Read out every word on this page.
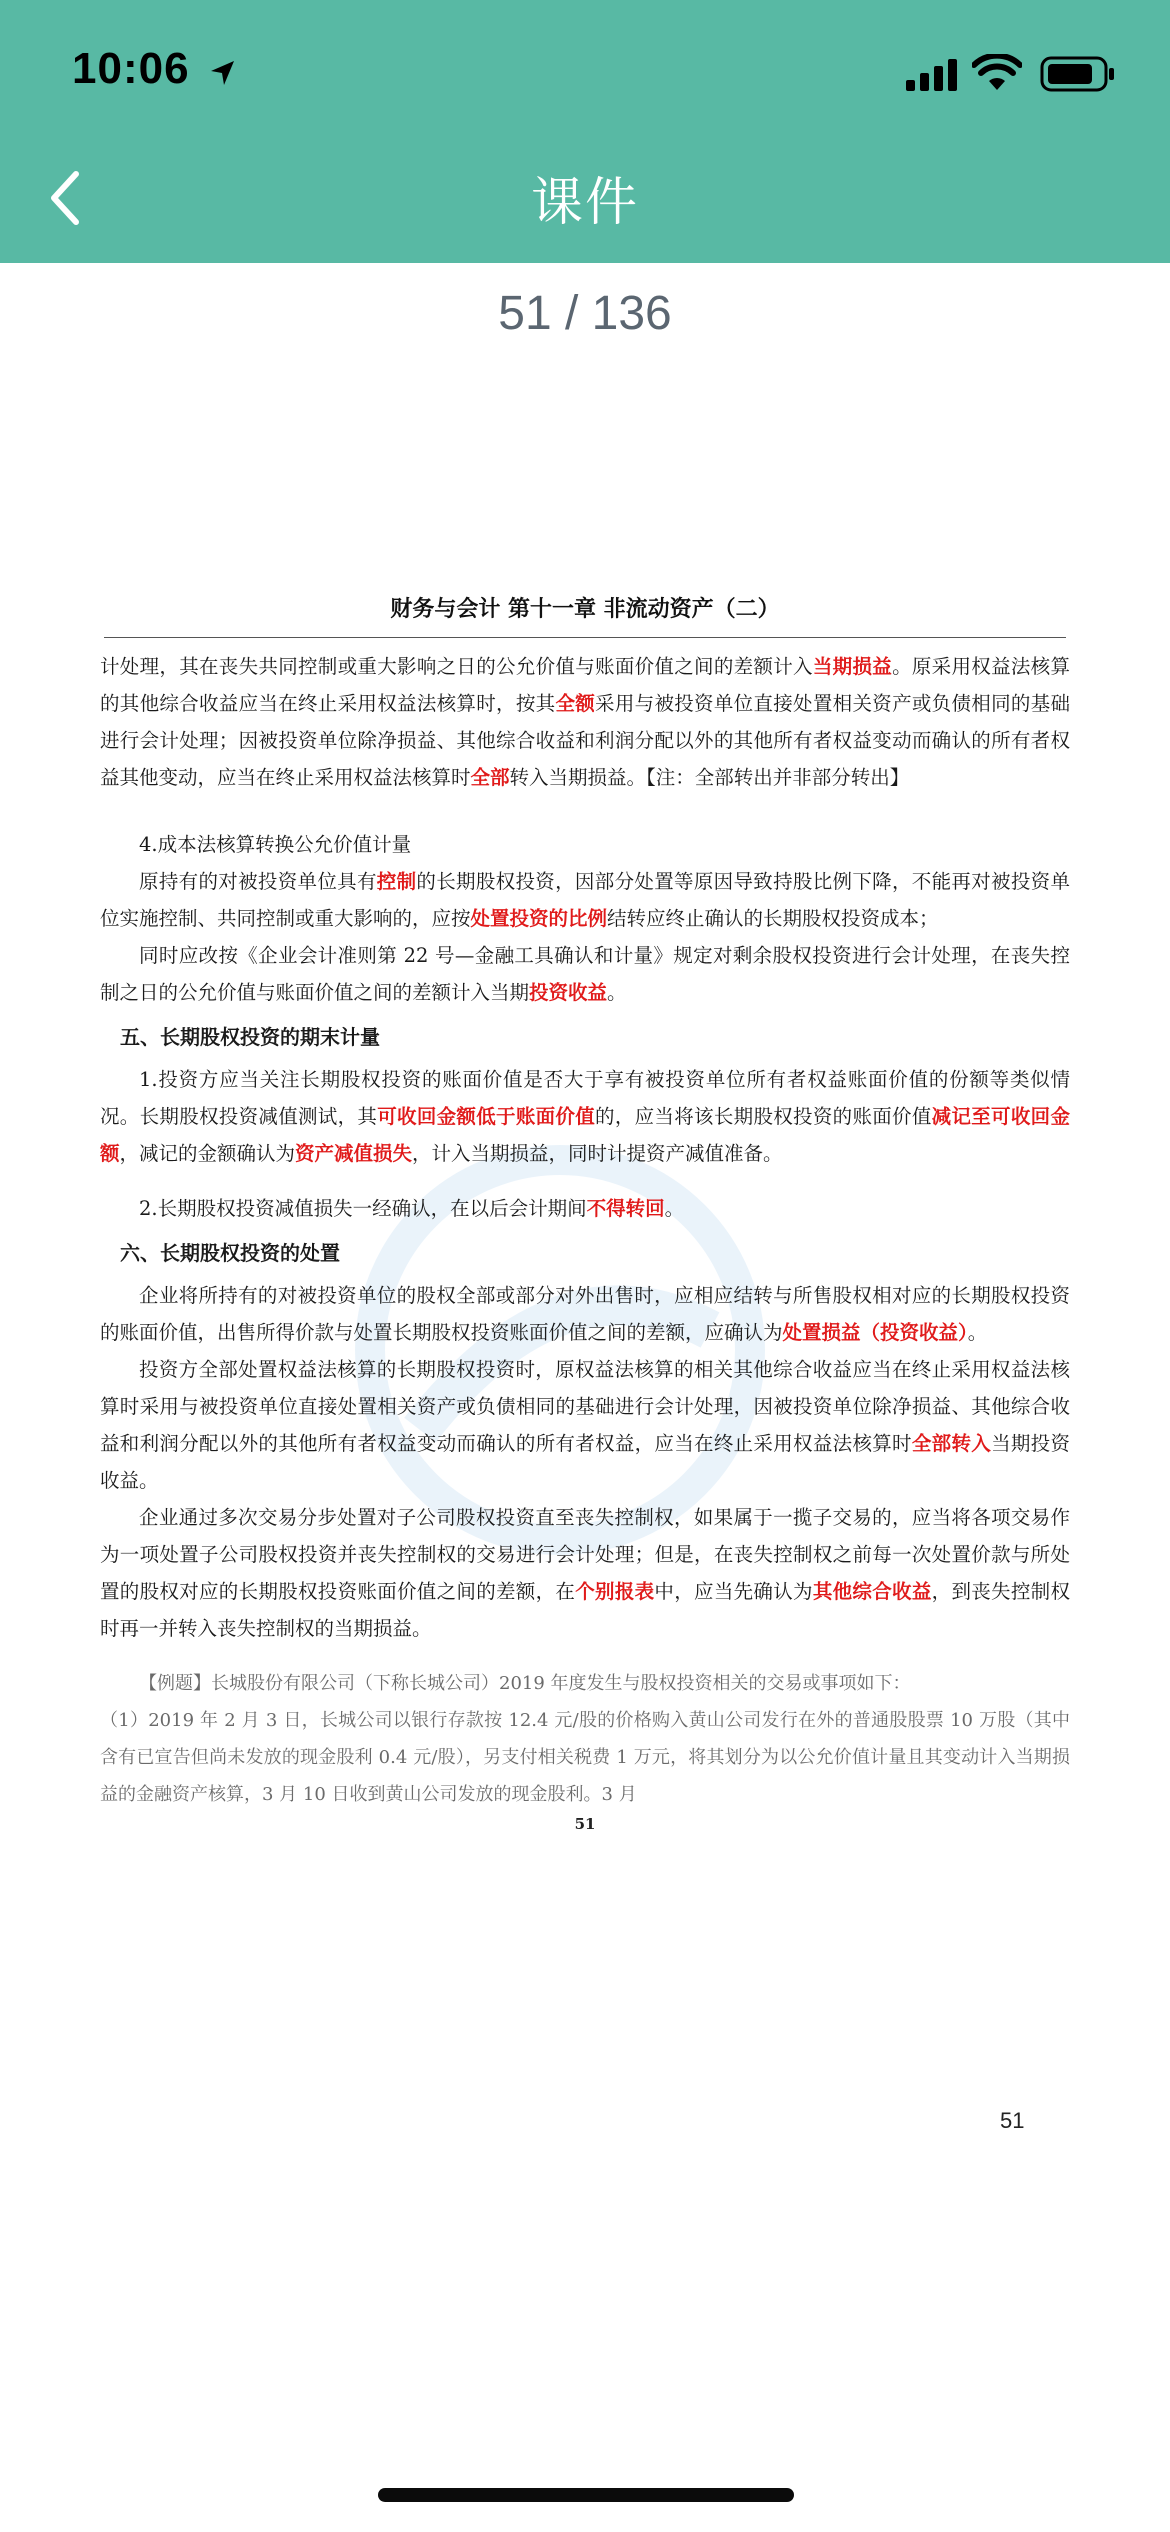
10:06
课件
51 / 136
财务与会计 第十一章 非流动资产（二）

计处理，其在丧失共同控制或重大影响之日的公允价值与账面价值之间的差额计入当期损益。原采用权益法核算的其他综合收益应当在终止采用权益法核算时，按其全额采用与被投资单位直接处置相关资产或负债相同的基础进行会计处理；因被投资单位除净损益、其他综合收益和利润分配以外的其他所有者权益变动而确认的所有者权益其他变动，应当在终止采用权益法核算时全部转入当期损益。【注：全部转出并非部分转出】

4.成本法核算转换公允价值计量

原持有的对被投资单位具有控制的长期股权投资，因部分处置等原因导致持股比例下降，不能再对被投资单位实施控制、共同控制或重大影响的，应按处置投资的比例结转应终止确认的长期股权投资成本；

同时应改按《企业会计准则第 22 号—金融工具确认和计量》规定对剩余股权投资进行会计处理，在丧失控制之日的公允价值与账面价值之间的差额计入当期投资收益。

五、长期股权投资的期末计量

1.投资方应当关注长期股权投资的账面价值是否大于享有被投资单位所有者权益账面价值的份额等类似情况。长期股权投资减值测试，其可收回金额低于账面价值的，应当将该长期股权投资的账面价值减记至可收回金额，减记的金额确认为资产减值损失，计入当期损益，同时计提资产减值准备。

2.长期股权投资减值损失一经确认，在以后会计期间不得转回。

六、长期股权投资的处置

企业将所持有的对被投资单位的股权全部或部分对外出售时，应相应结转与所售股权相对应的长期股权投资的账面价值，出售所得价款与处置长期股权投资账面价值之间的差额，应确认为处置损益（投资收益）。

投资方全部处置权益法核算的长期股权投资时，原权益法核算的相关其他综合收益应当在终止采用权益法核算时采用与被投资单位直接处置相关资产或负债相同的基础进行会计处理，因被投资单位除净损益、其他综合收益和利润分配以外的其他所有者权益变动而确认的所有者权益，应当在终止采用权益法核算时全部转入当期投资收益。

企业通过多次交易分步处置对子公司股权投资直至丧失控制权，如果属于一揽子交易的，应当将各项交易作为一项处置子公司股权投资并丧失控制权的交易进行会计处理；但是，在丧失控制权之前每一次处置价款与所处置的股权对应的长期股权投资账面价值之间的差额，在个别报表中，应当先确认为其他综合收益，到丧失控制权时再一并转入丧失控制权的当期损益。

【例题】长城股份有限公司（下称长城公司）2019 年度发生与股权投资相关的交易或事项如下：

（1）2019 年 2 月 3 日，长城公司以银行存款按 12.4 元/股的价格购入黄山公司发行在外的普通股股票 10 万股（其中含有已宣告但尚未发放的现金股利 0.4 元/股），另支付相关税费 1 万元，将其划分为以公允价值计量且其变动计入当期损益的金融资产核算，3 月 10 日收到黄山公司发放的现金股利。3 月

51
51
